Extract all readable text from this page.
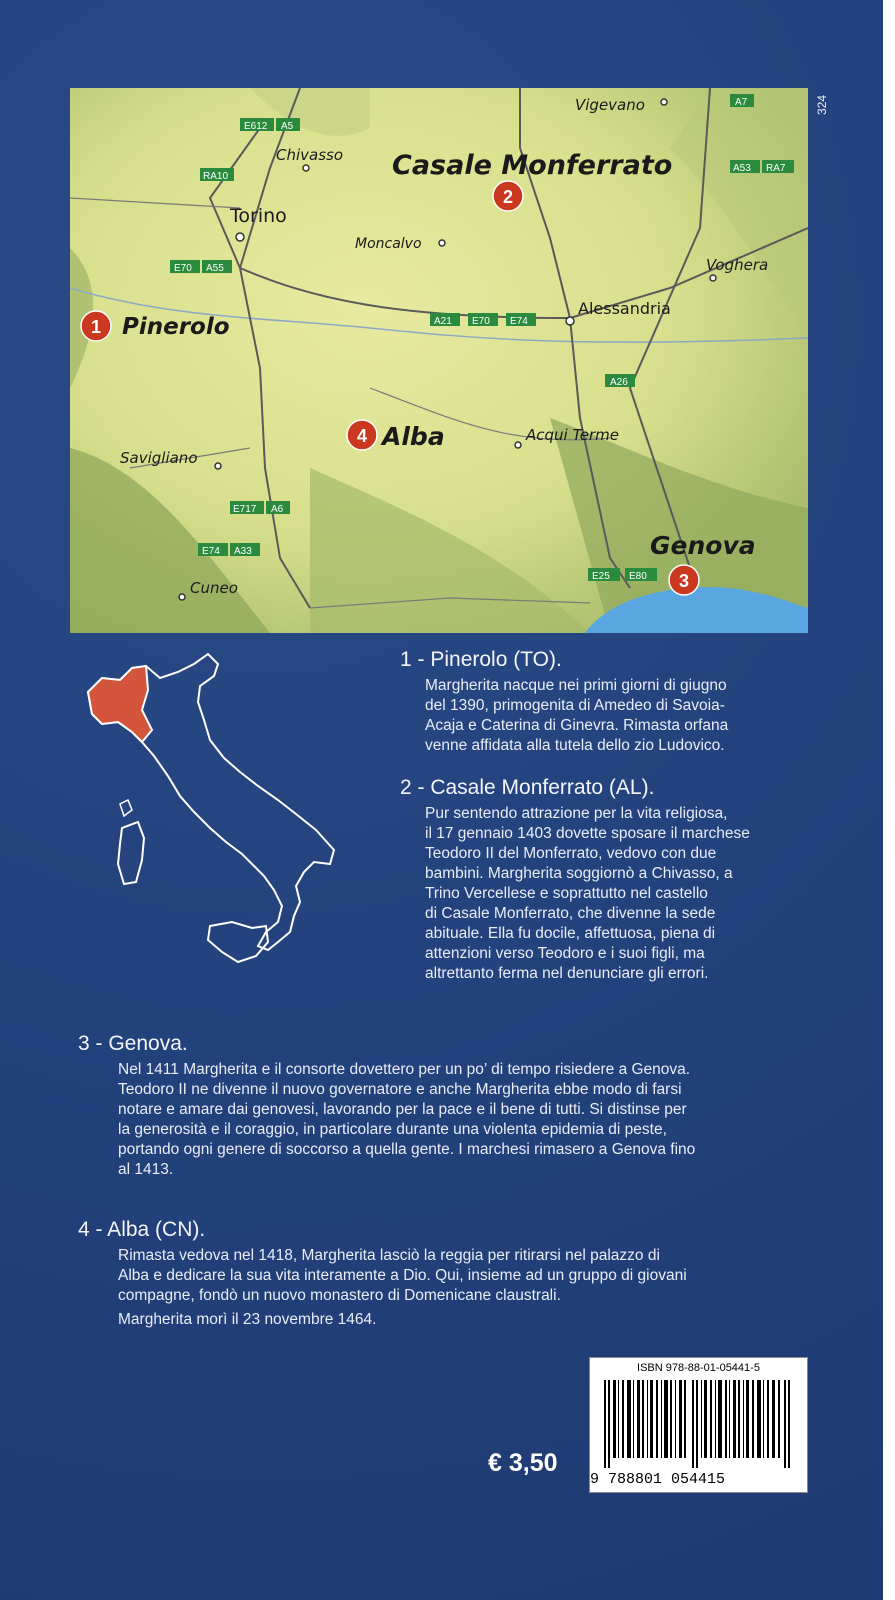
E612 A5
RA10
E70 A55
A21 E70 E74
A26
E717 A6
E74 A33
E25 E80
A7
A53 RA7
Vigevano
Chivasso Casale Monferrato
Torino
Moncalvo
Voghera
Alessandria
Pinerolo
Alba	Acqui Terme
Savigliano
Genova
Cuneo
1
2
3
4
324

1 - Pinerolo (TO).

Margherita nacque nei primi giorni di giugno

del 1390, primogenita di Amedeo di Savoia-

Acaja e Caterina di Ginevra. Rimasta orfana

venne affidata alla tutela dello zio Ludovico.

2 - Casale Monferrato (AL).

Pur sentendo attrazione per la vita religiosa,

il 17 gennaio 1403 dovette sposare il marchese

Teodoro II del Monferrato, vedovo con due

bambini. Margherita soggiornò a Chivasso, a

Trino Vercellese e soprattutto nel castello

di Casale Monferrato, che divenne la sede

abituale. Ella fu docile, affettuosa, piena di

attenzioni verso Teodoro e i suoi figli, ma

altrettanto ferma nel denunciare gli errori.

3 - Genova.

Nel 1411 Margherita e il consorte dovettero per un po’ di tempo risiedere a Genova.

Teodoro II ne divenne il nuovo governatore e anche Margherita ebbe modo di farsi

notare e amare dai genovesi, lavorando per la pace e il bene di tutti. Si distinse per

la generosità e il coraggio, in particolare durante una violenta epidemia di peste,

portando ogni genere di soccorso a quella gente. I marchesi rimasero a Genova fino

al 1413.

4 - Alba (CN).

Rimasta vedova nel 1418, Margherita lasciò la reggia per ritirarsi nel palazzo di

Alba e dedicare la sua vita interamente a Dio. Qui, insieme ad un gruppo di giovani

compagne, fondò un nuovo monastero di Domenicane claustrali.

Margherita morì il 23 novembre 1464.

ISBN 978-88-01-05441-5
9 788801 054415
€ 3,50
